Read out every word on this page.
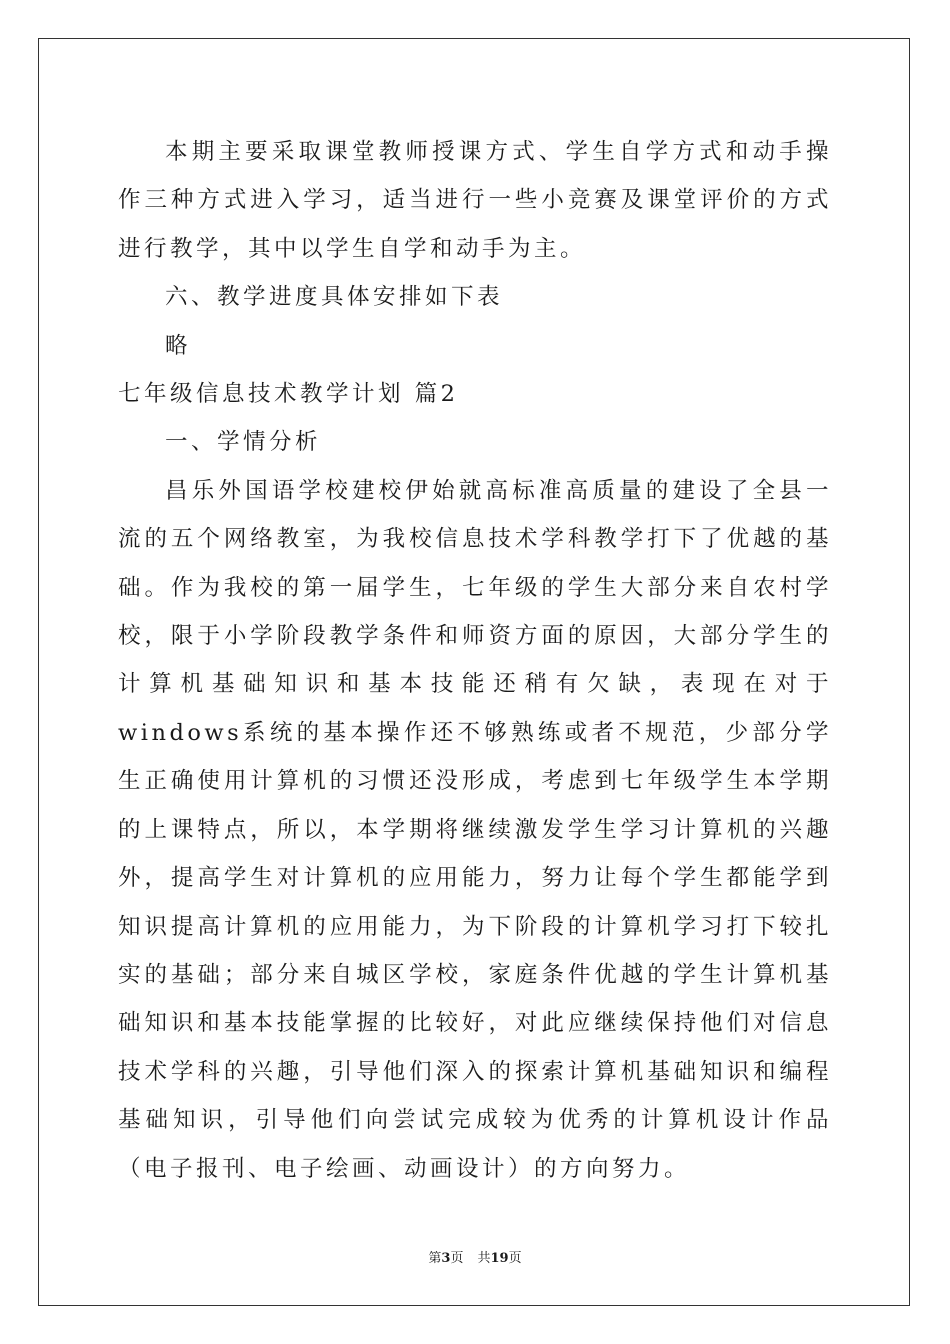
本期主要采取课堂教师授课方式、学生自学方式和动手操作三种方式进入学习，适当进行一些小竞赛及课堂评价的方式进行教学，其中以学生自学和动手为主。

六、教学进度具体安排如下表

略

七年级信息技术教学计划 篇2

一、学情分析

昌乐外国语学校建校伊始就高标准高质量的建设了全县一流的五个网络教室，为我校信息技术学科教学打下了优越的基础。作为我校的第一届学生，七年级的学生大部分来自农村学校，限于小学阶段教学条件和师资方面的原因，大部分学生的计算机基础知识和基本技能还稍有欠缺，表现在对于windows系统的基本操作还不够熟练或者不规范，少部分学生正确使用计算机的习惯还没形成，考虑到七年级学生本学期的上课特点，所以，本学期将继续激发学生学习计算机的兴趣外，提高学生对计算机的应用能力，努力让每个学生都能学到知识提高计算机的应用能力，为下阶段的计算机学习打下较扎实的基础；部分来自城区学校，家庭条件优越的学生计算机基础知识和基本技能掌握的比较好，对此应继续保持他们对信息技术学科的兴趣，引导他们深入的探索计算机基础知识和编程基础知识，引导他们向尝试完成较为优秀的计算机设计作品（电子报刊、电子绘画、动画设计）的方向努力。

第3页 共19页
